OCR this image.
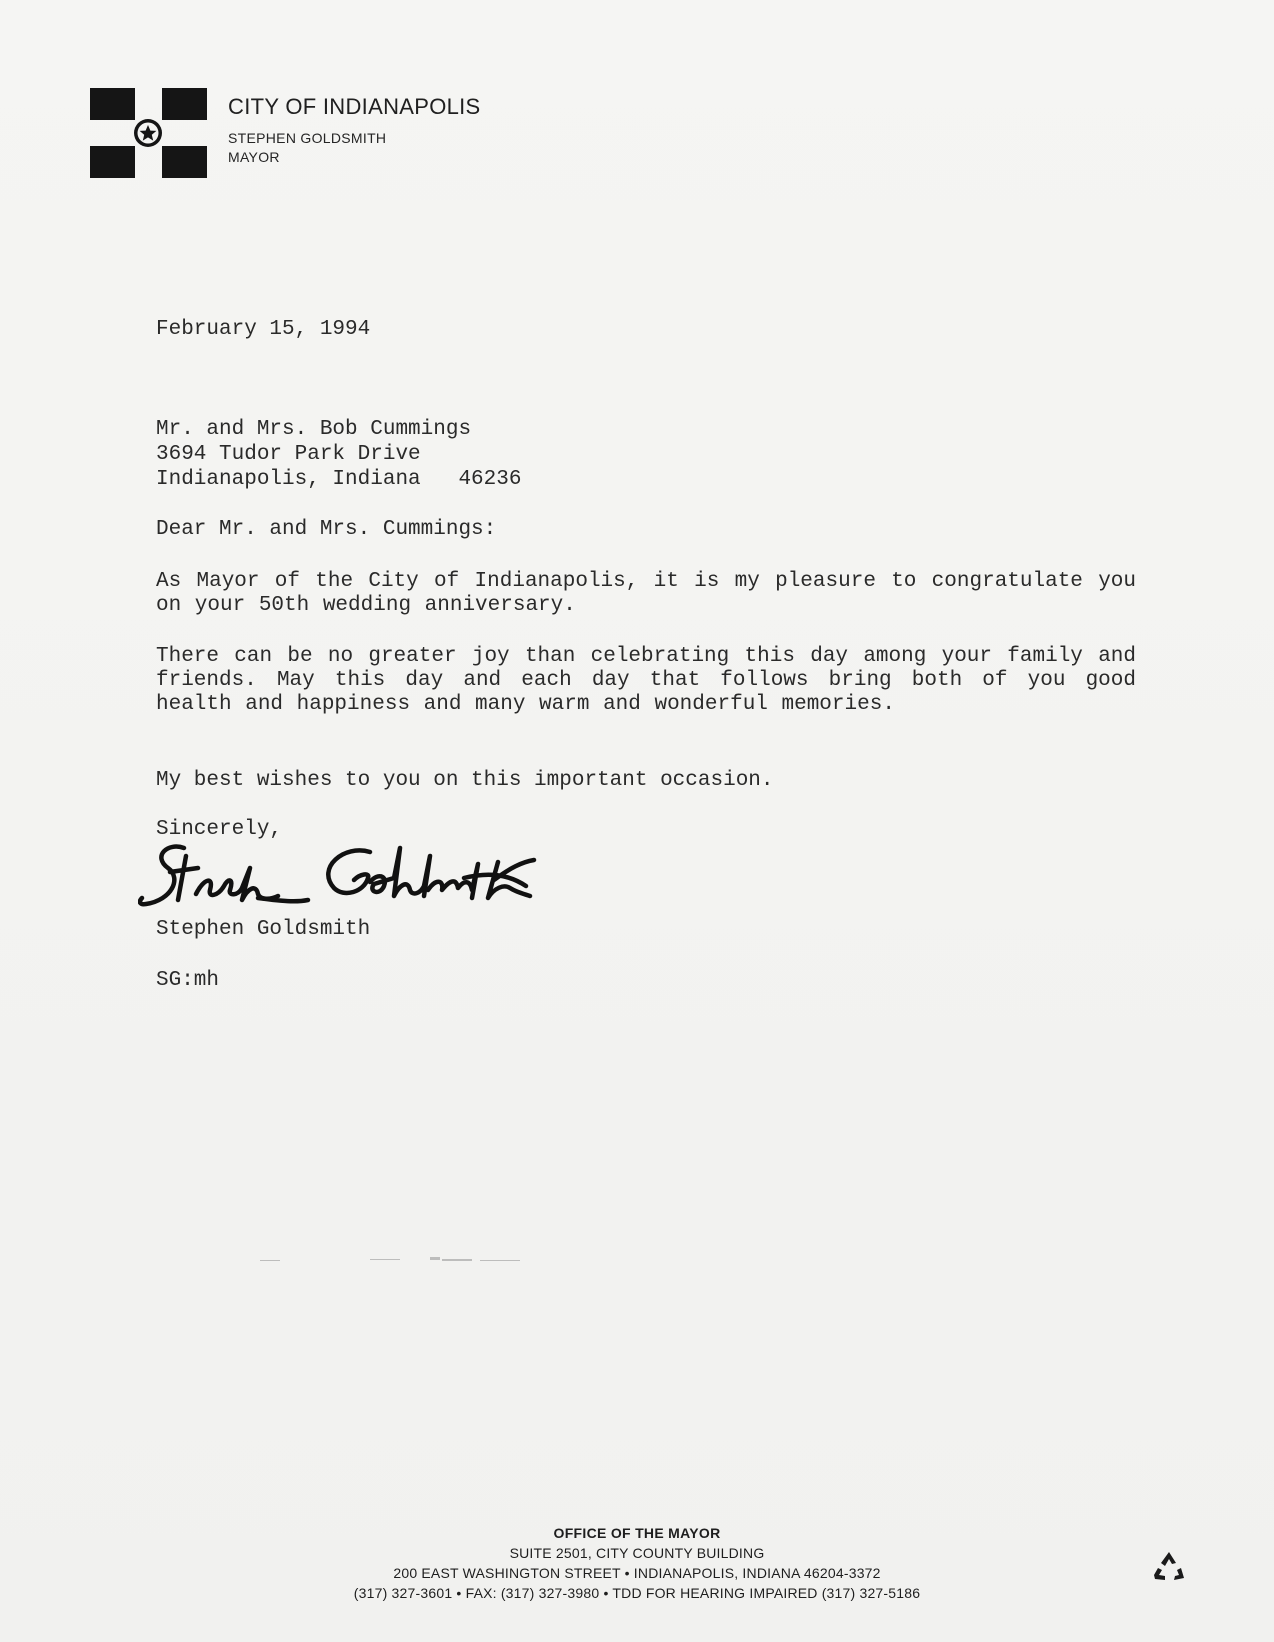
CITY OF INDIANAPOLIS
STEPHEN GOLDSMITH
MAYOR
February 15, 1994
Mr. and Mrs. Bob Cummings
3694 Tudor Park Drive
Indianapolis, Indiana   46236
Dear Mr. and Mrs. Cummings:
As Mayor of the City of Indianapolis, it is my pleasure to congratulate you on your 50th wedding anniversary.
There can be no greater joy than celebrating this day among your family and friends. May this day and each day that follows bring both of you good health and happiness and many warm and wonderful memories.
My best wishes to you on this important occasion.
Sincerely,
Stephen Goldsmith
SG:mh
OFFICE OF THE MAYOR
SUITE 2501, CITY COUNTY BUILDING
200 EAST WASHINGTON STREET • INDIANAPOLIS, INDIANA 46204-3372
(317) 327-3601 • FAX: (317) 327-3980 • TDD FOR HEARING IMPAIRED (317) 327-5186
